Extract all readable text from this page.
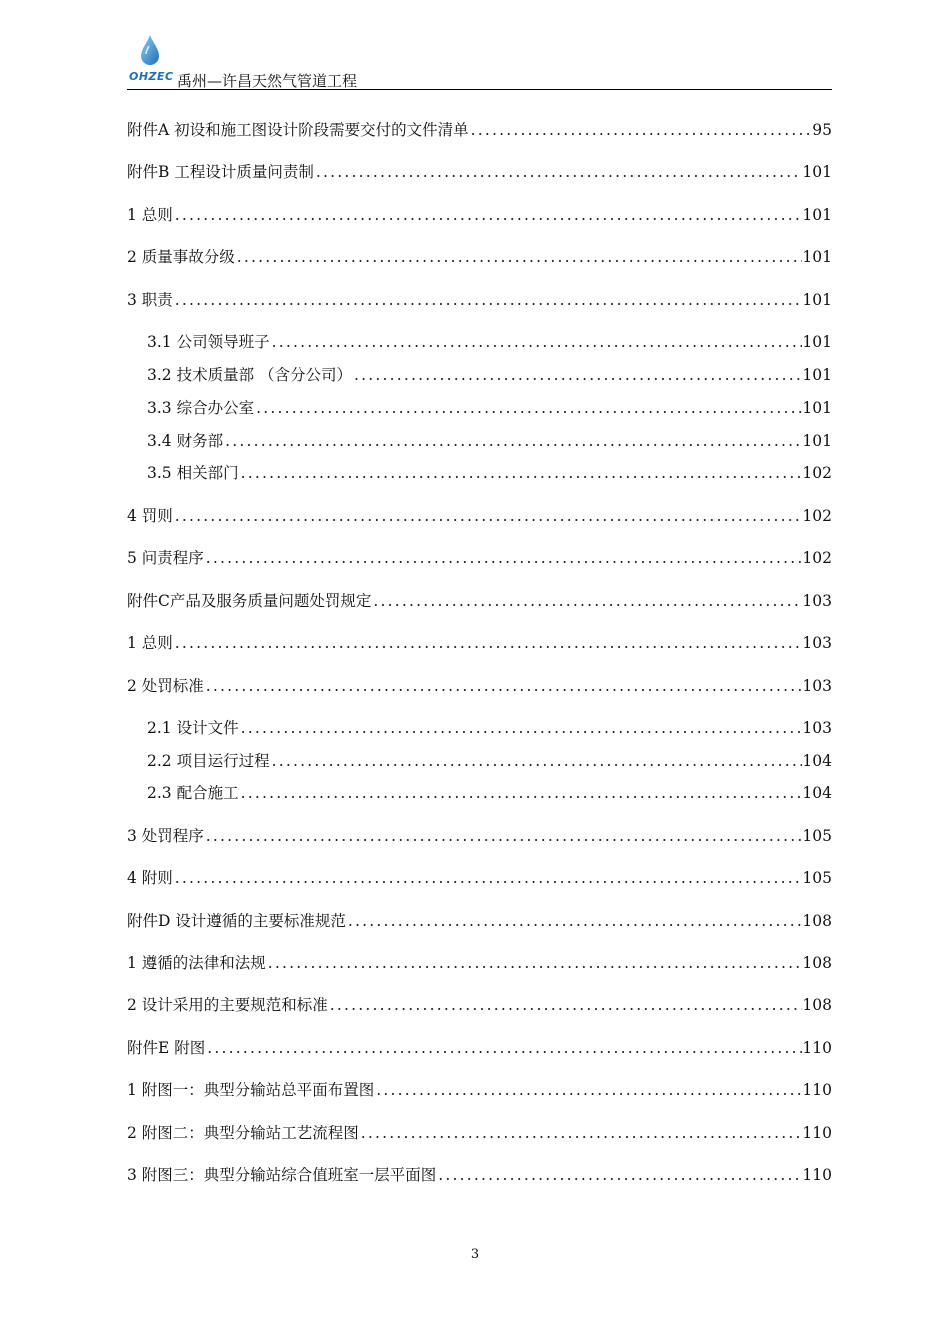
OHZEC 禹州—许昌天然气管道工程
附件A 初设和施工图设计阶段需要交付的文件清单 .....	95
附件B 工程设计质量问责制 .....	101
1 总则 .....	101
2 质量事故分级 .....	101
3 职责 .....	101
3.1 公司领导班子 .....	101
3.2 技术质量部 （含分公司） .....	101
3.3 综合办公室 .....	101
3.4 财务部 .....	101
3.5 相关部门 .....	102
4 罚则 .....	102
5 问责程序 .....	102
附件C产品及服务质量问题处罚规定 .....	103
1 总则 .....	103
2 处罚标准 .....	103
2.1 设计文件 .....	103
2.2 项目运行过程 .....	104
2.3 配合施工 .....	104
3 处罚程序 .....	105
4 附则 .....	105
附件D 设计遵循的主要标准规范 .....	108
1 遵循的法律和法规 .....	108
2 设计采用的主要规范和标准 .....	108
附件E 附图 .....	110
1 附图一：典型分输站总平面布置图 .....	110
2 附图二：典型分输站工艺流程图 .....	110
3 附图三：典型分输站综合值班室一层平面图 .....	110
3
